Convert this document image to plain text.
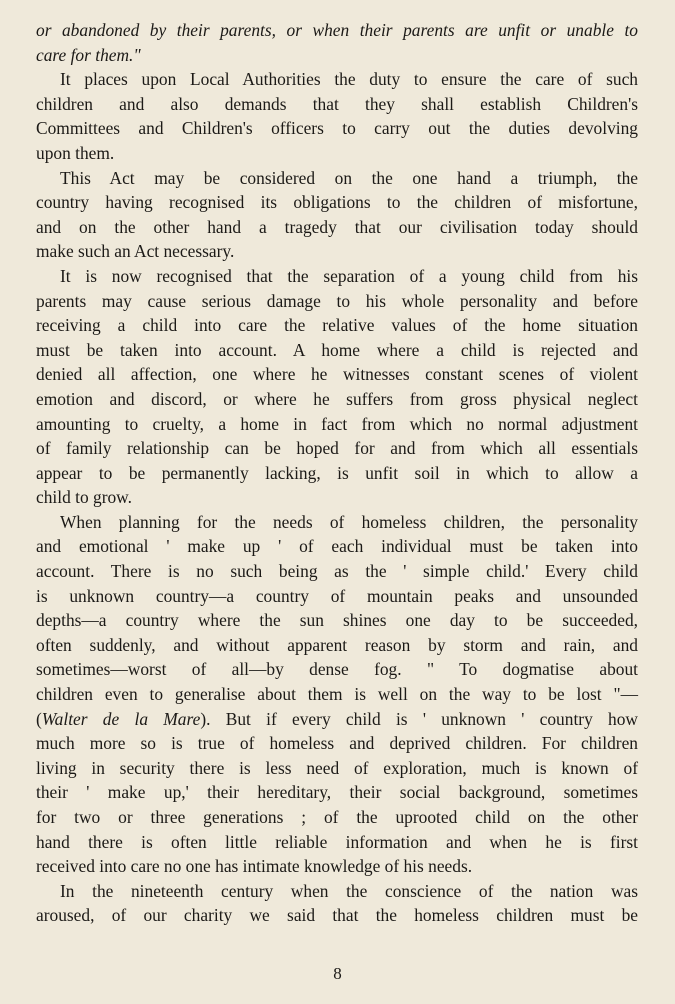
or abandoned by their parents, or when their parents are unfit or unable to
care for them."
It places upon Local Authorities the duty to ensure the care of such
children and also demands that they shall establish Children's
Committees and Children's officers to carry out the duties devolving
upon them.
This Act may be considered on the one hand a triumph, the
country having recognised its obligations to the children of misfortune,
and on the other hand a tragedy that our civilisation today should
make such an Act necessary.
It is now recognised that the separation of a young child from his
parents may cause serious damage to his whole personality and before
receiving a child into care the relative values of the home situation
must be taken into account. A home where a child is rejected and
denied all affection, one where he witnesses constant scenes of violent
emotion and discord, or where he suffers from gross physical neglect
amounting to cruelty, a home in fact from which no normal adjustment
of family relationship can be hoped for and from which all essentials
appear to be permanently lacking, is unfit soil in which to allow a
child to grow.
When planning for the needs of homeless children, the personality
and emotional ' make up ' of each individual must be taken into
account. There is no such being as the ' simple child.' Every child
is unknown country—a country of mountain peaks and unsounded
depths—a country where the sun shines one day to be succeeded,
often suddenly, and without apparent reason by storm and rain, and
sometimes—worst of all—by dense fog. " To dogmatise about
children even to generalise about them is well on the way to be lost "—
(Walter de la Mare). But if every child is ' unknown ' country how
much more so is true of homeless and deprived children. For children
living in security there is less need of exploration, much is known of
their ' make up,' their hereditary, their social background, sometimes
for two or three generations ; of the uprooted child on the other
hand there is often little reliable information and when he is first
received into care no one has intimate knowledge of his needs.
In the nineteenth century when the conscience of the nation was
aroused, of our charity we said that the homeless children must be
8
